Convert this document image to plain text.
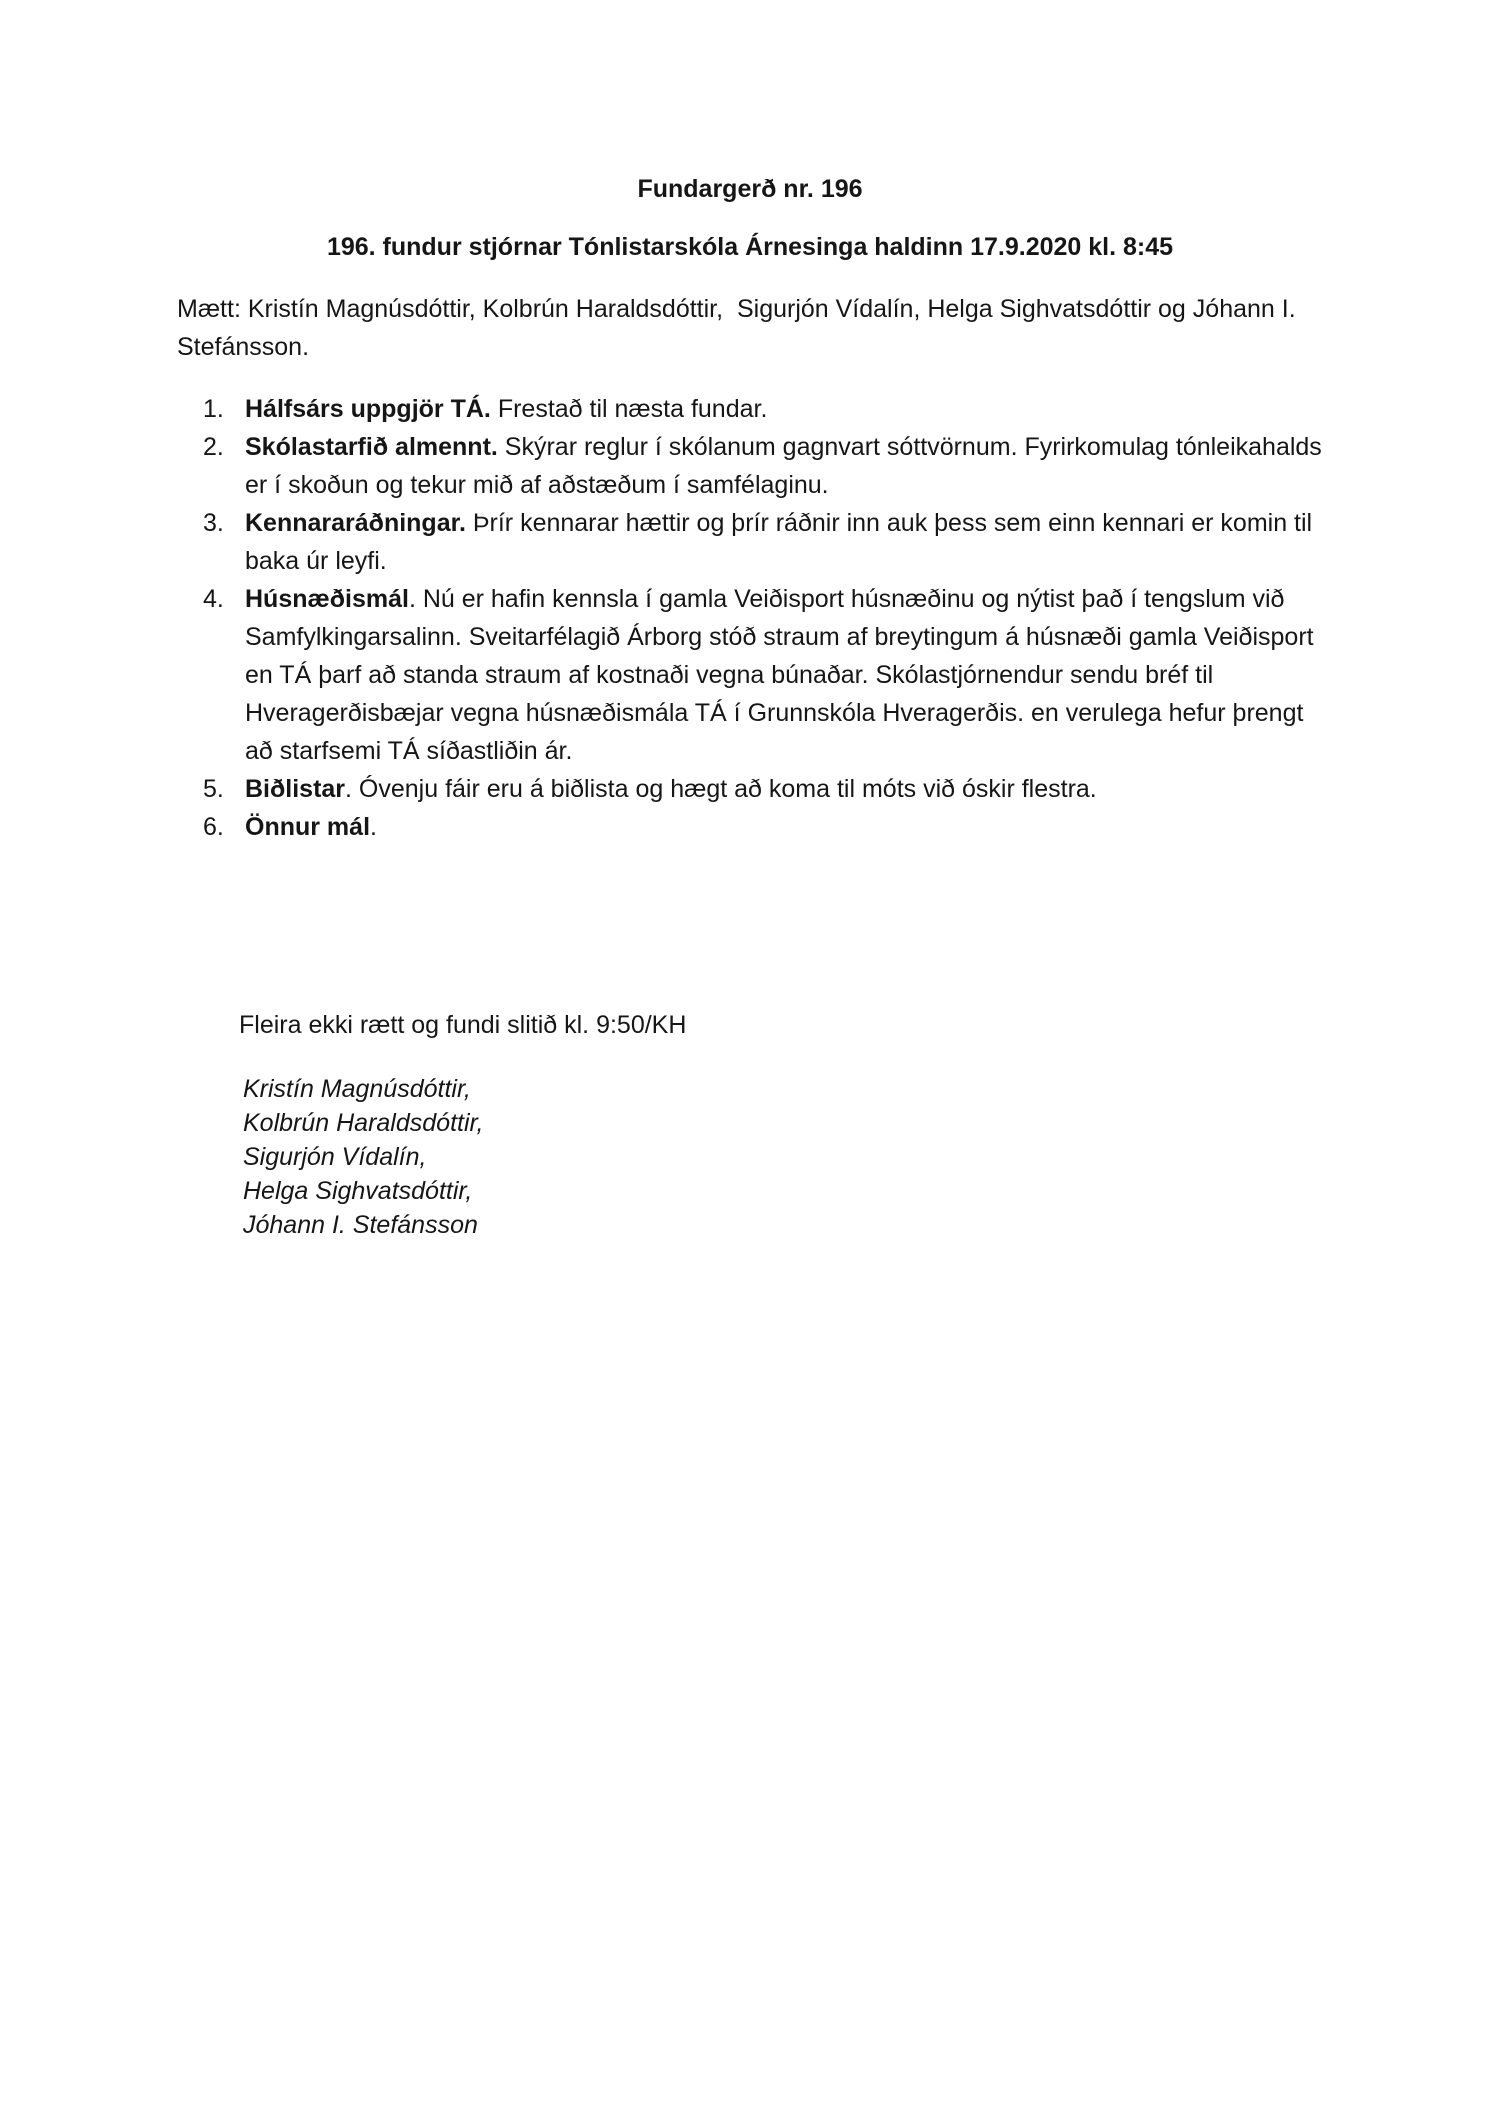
Fundargerð nr. 196

196. fundur stjórnar Tónlistarskóla Árnesinga haldinn 17.9.2020 kl. 8:45

Mætt: Kristín Magnúsdóttir, Kolbrún Haraldsdóttir,  Sigurjón Vídalín, Helga Sighvatsdóttir og Jóhann I. Stefánsson.

1. Hálfsárs uppgjör TÁ. Frestað til næsta fundar.
2. Skólastarfið almennt. Skýrar reglur í skólanum gagnvart sóttvörnum. Fyrirkomulag tónleikahalds er í skoðun og tekur mið af aðstæðum í samfélaginu.
3. Kennararáðningar. Þrír kennarar hættir og þrír ráðnir inn auk þess sem einn kennari er komin til baka úr leyfi.
4. Húsnæðismál. Nú er hafin kennsla í gamla Veiðisport húsnæðinu og nýtist það í tengslum við Samfylkingarsalinn. Sveitarfélagið Árborg stóð straum af breytingum á húsnæði gamla Veiðisport en TÁ þarf að standa straum af kostnaði vegna búnaðar. Skólastjórnendur sendu bréf til Hveragerðisbæjar vegna húsnæðismála TÁ í Grunnskóla Hveragerðis. en verulega hefur þrengt að starfsemi TÁ síðastliðin ár.
5. Biðlistar. Óvenju fáir eru á biðlista og hægt að koma til móts við óskir flestra.
6. Önnur mál.

Fleira ekki rætt og fundi slitið kl. 9:50/KH

Kristín Magnúsdóttir,
Kolbrún Haraldsdóttir,
Sigurjón Vídalín,
Helga Sighvatsdóttir,
Jóhann I. Stefánsson
